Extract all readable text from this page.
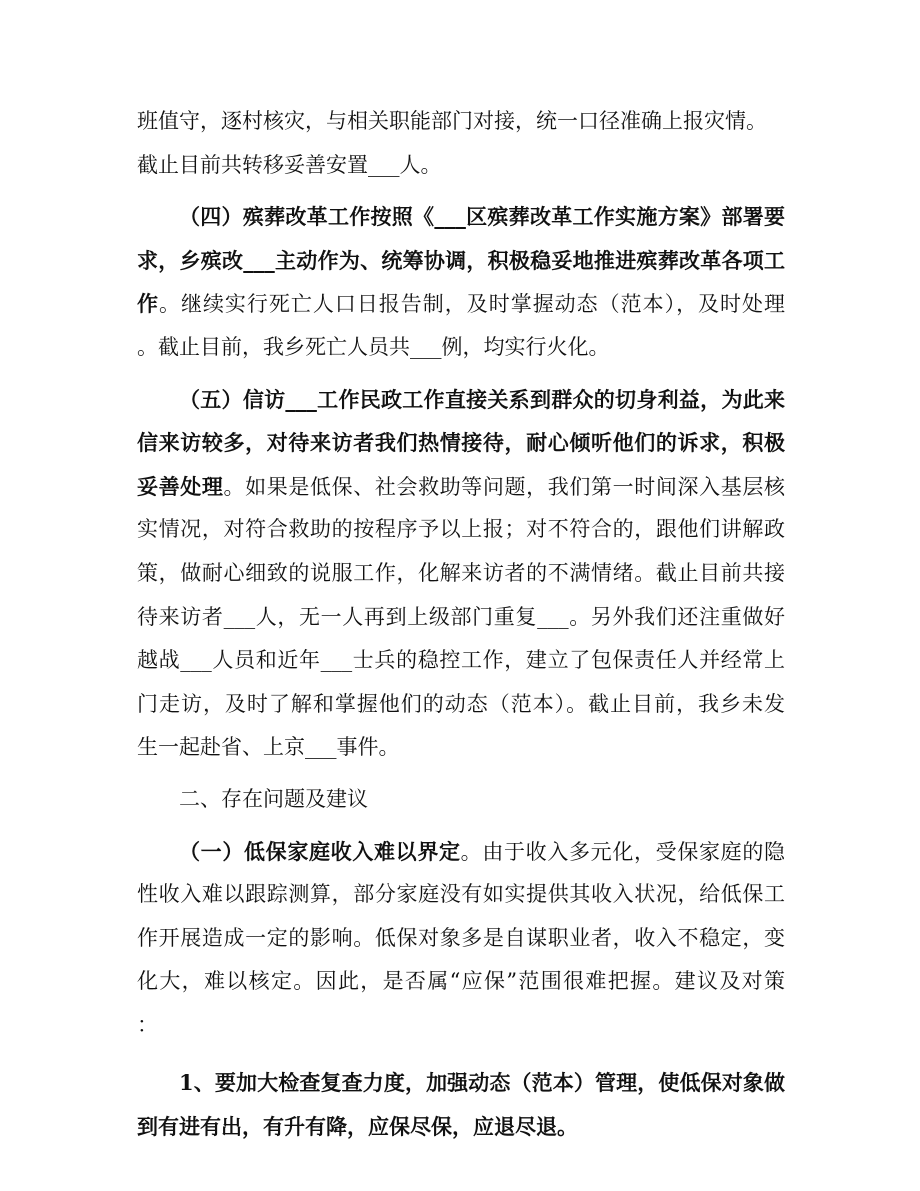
班值守，逐村核灾，与相关职能部门对接，统一口径准确上报灾情。
截止目前共转移妥善安置___人。
（四）殡葬改革工作按照《___区殡葬改革工作实施方案》部署要
求，乡殡改___主动作为、统筹协调，积极稳妥地推进殡葬改革各项工
作。继续实行死亡人口日报告制，及时掌握动态（范本），及时处理
。截止目前，我乡死亡人员共___例，均实行火化。
（五）信访___工作民政工作直接关系到群众的切身利益，为此来
信来访较多，对待来访者我们热情接待，耐心倾听他们的诉求，积极
妥善处理。如果是低保、社会救助等问题，我们第一时间深入基层核
实情况，对符合救助的按程序予以上报；对不符合的，跟他们讲解政
策，做耐心细致的说服工作，化解来访者的不满情绪。截止目前共接
待来访者___人，无一人再到上级部门重复___。另外我们还注重做好
越战___人员和近年___士兵的稳控工作，建立了包保责任人并经常上
门走访，及时了解和掌握他们的动态（范本）。截止目前，我乡未发
生一起赴省、上京___事件。
二、存在问题及建议
（一）低保家庭收入难以界定。由于收入多元化，受保家庭的隐
性收入难以跟踪测算，部分家庭没有如实提供其收入状况，给低保工
作开展造成一定的影响。低保对象多是自谋职业者，收入不稳定，变
化大，难以核定。因此，是否属“应保”范围很难把握。建议及对策
：
1、要加大检查复查力度，加强动态（范本）管理，使低保对象做
到有进有出，有升有降，应保尽保，应退尽退。
